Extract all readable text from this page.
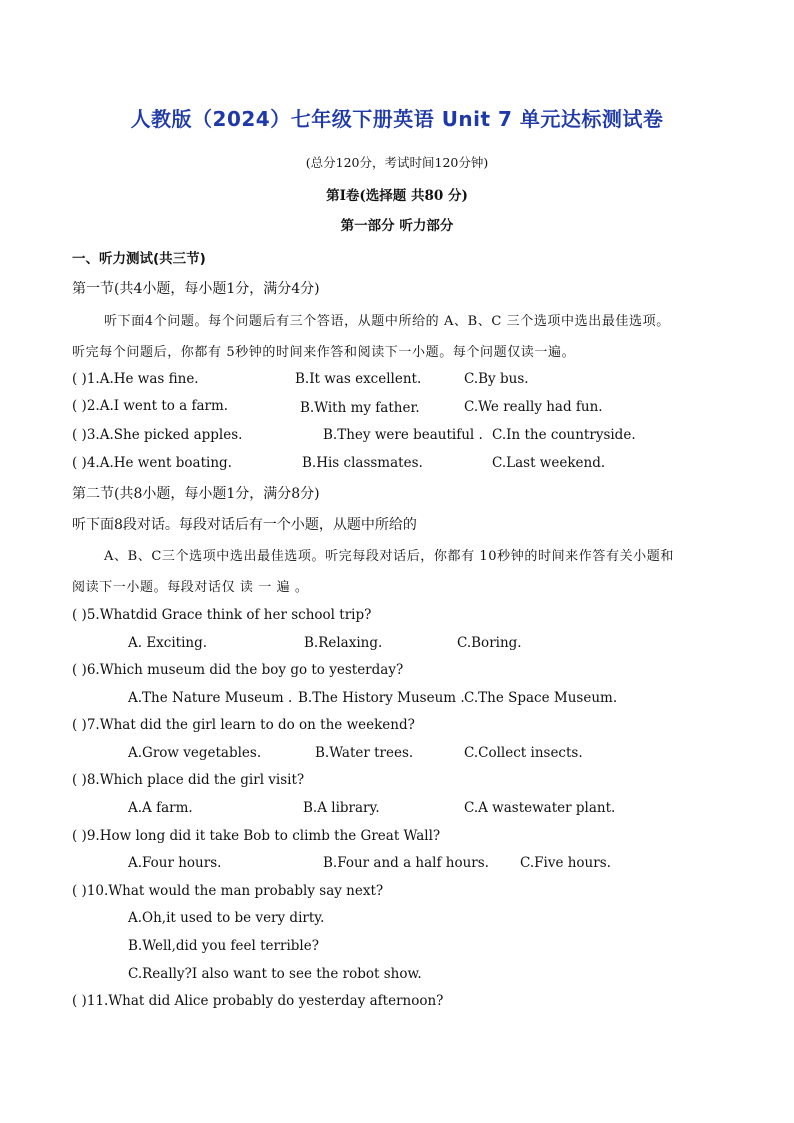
人教版（2024）七年级下册英语 Unit 7 单元达标测试卷
(总分120分，考试时间120分钟)
第I卷(选择题 共80 分)
第一部分 听力部分
一、听力测试(共三节)
第一节(共4小题，每小题1分，满分4分)
听下面4个问题。每个问题后有三个答语，从题中所给的 A、B、C 三个选项中选出最佳选项。
听完每个问题后，你都有 5秒钟的时间来作答和阅读下一小题。每个问题仅读一遍。
( )1.A.He was fine.	B.It was excellent.	C.By bus.
( )2.A.I went to a farm.	B.With my father.	C.We really had fun.
( )3.A.She picked apples.	B.They were beautiful . C.In the countryside.
( )4.A.He went boating.	B.His classmates.	C.Last weekend.
第二节(共8小题，每小题1分，满分8分)
听下面8段对话。每段对话后有一个小题，从题中所给的
A、B、C三个选项中选出最佳选项。听完每段对话后，你都有 10秒钟的时间来作答有关小题和
阅读下一小题。每段对话仅 读 一 遍 。
( )5.Whatdid Grace think of her school trip?
A. Exciting.	B.Relaxing.	C.Boring.
( )6.Which museum did the boy go to yesterday?
A.The Nature Museum . B.The History Museum . C.The Space Museum.
( )7.What did the girl learn to do on the weekend?
A.Grow vegetables.	B.Water trees.	C.Collect insects.
( )8.Which place did the girl visit?
A.A farm.	B.A library.	C.A wastewater plant.
( )9.How long did it take Bob to climb the Great Wall?
A.Four hours.	B.Four and a half hours. C.Five hours.
( )10.What would the man probably say next?
A.Oh,it used to be very dirty.
B.Well,did you feel terrible?
C.Really?I also want to see the robot show.
( )11.What did Alice probably do yesterday afternoon?
